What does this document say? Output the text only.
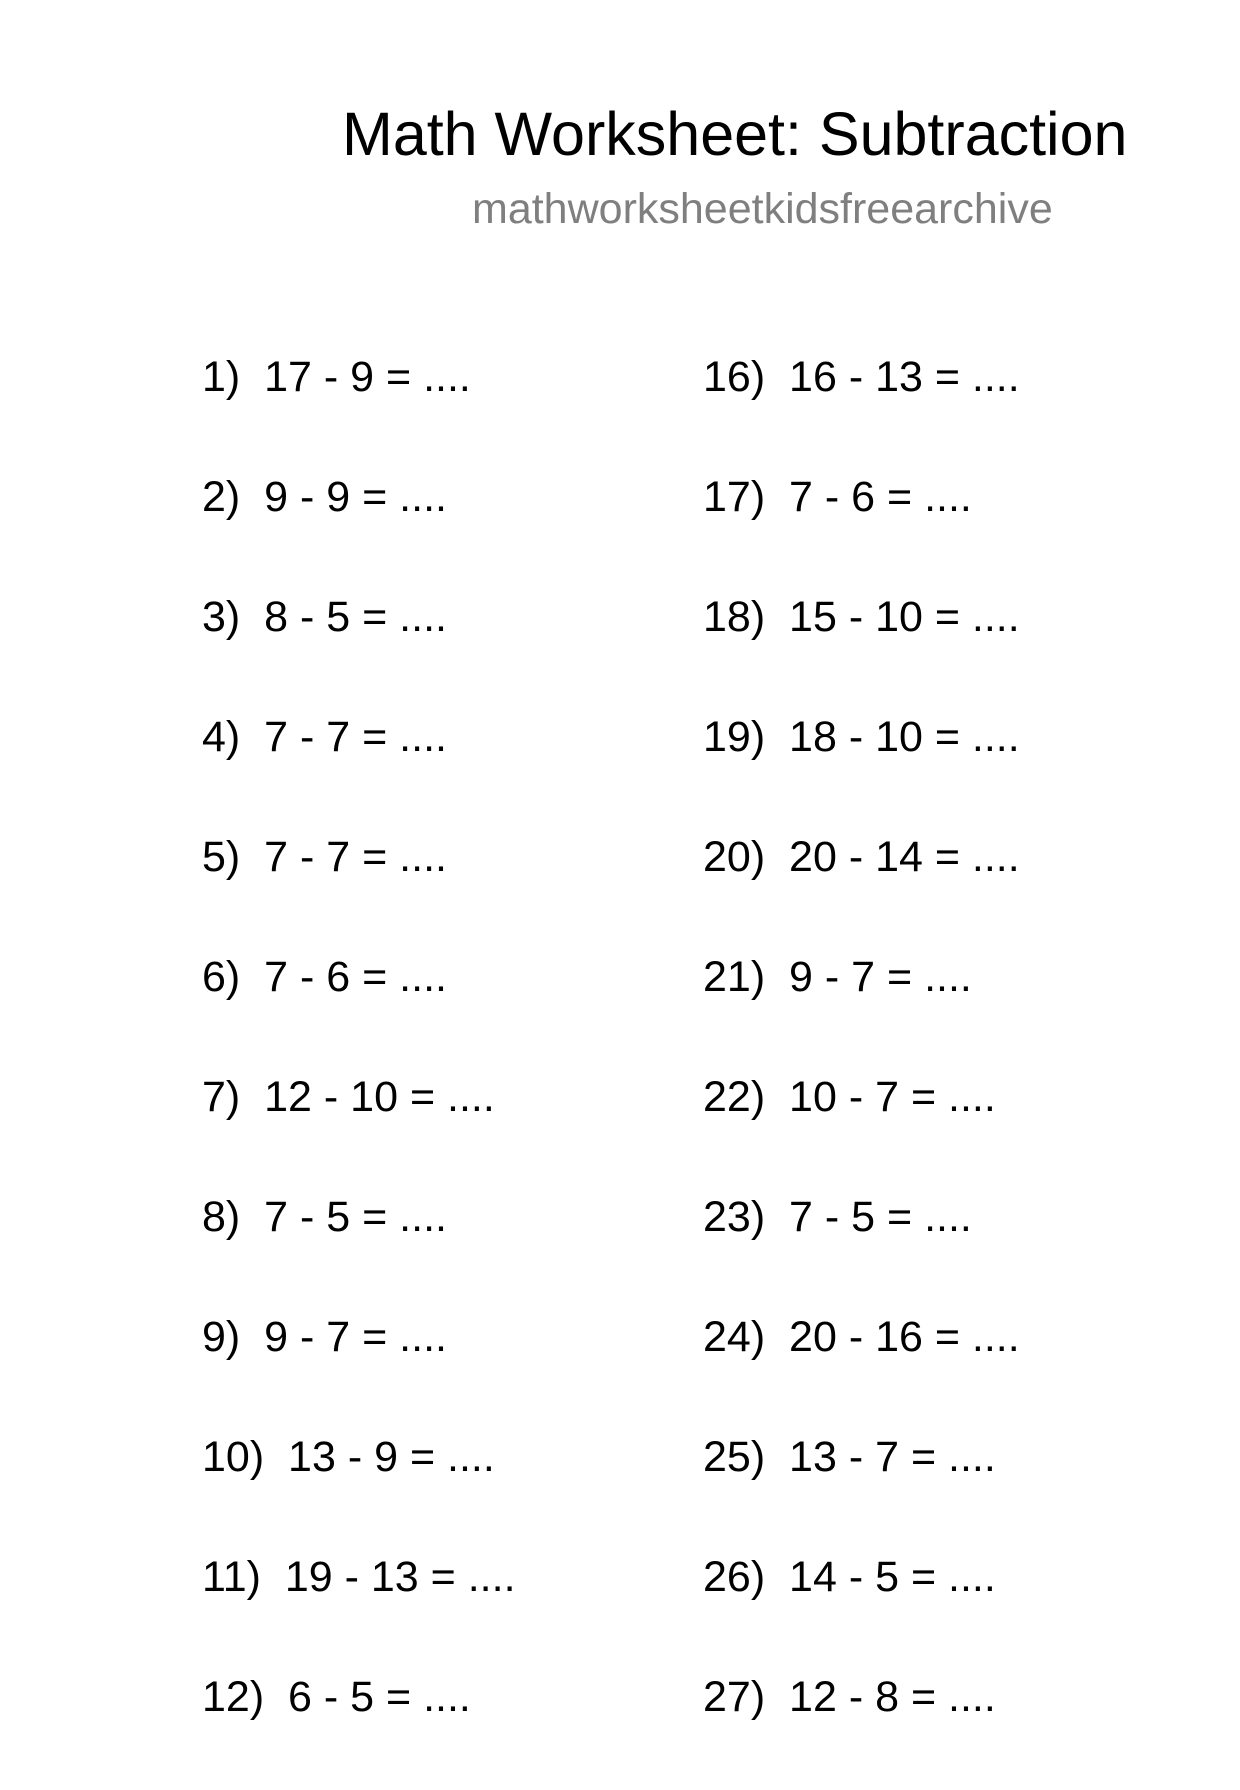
Math Worksheet: Subtraction
mathworksheetkidsfreearchive
1)  17 - 9 = ....
2)  9 - 9 = ....
3)  8 - 5 = ....
4)  7 - 7 = ....
5)  7 - 7 = ....
6)  7 - 6 = ....
7)  12 - 10 = ....
8)  7 - 5 = ....
9)  9 - 7 = ....
10)  13 - 9 = ....
11)  19 - 13 = ....
12)  6 - 5 = ....
16)  16 - 13 = ....
17)  7 - 6 = ....
18)  15 - 10 = ....
19)  18 - 10 = ....
20)  20 - 14 = ....
21)  9 - 7 = ....
22)  10 - 7 = ....
23)  7 - 5 = ....
24)  20 - 16 = ....
25)  13 - 7 = ....
26)  14 - 5 = ....
27)  12 - 8 = ....
